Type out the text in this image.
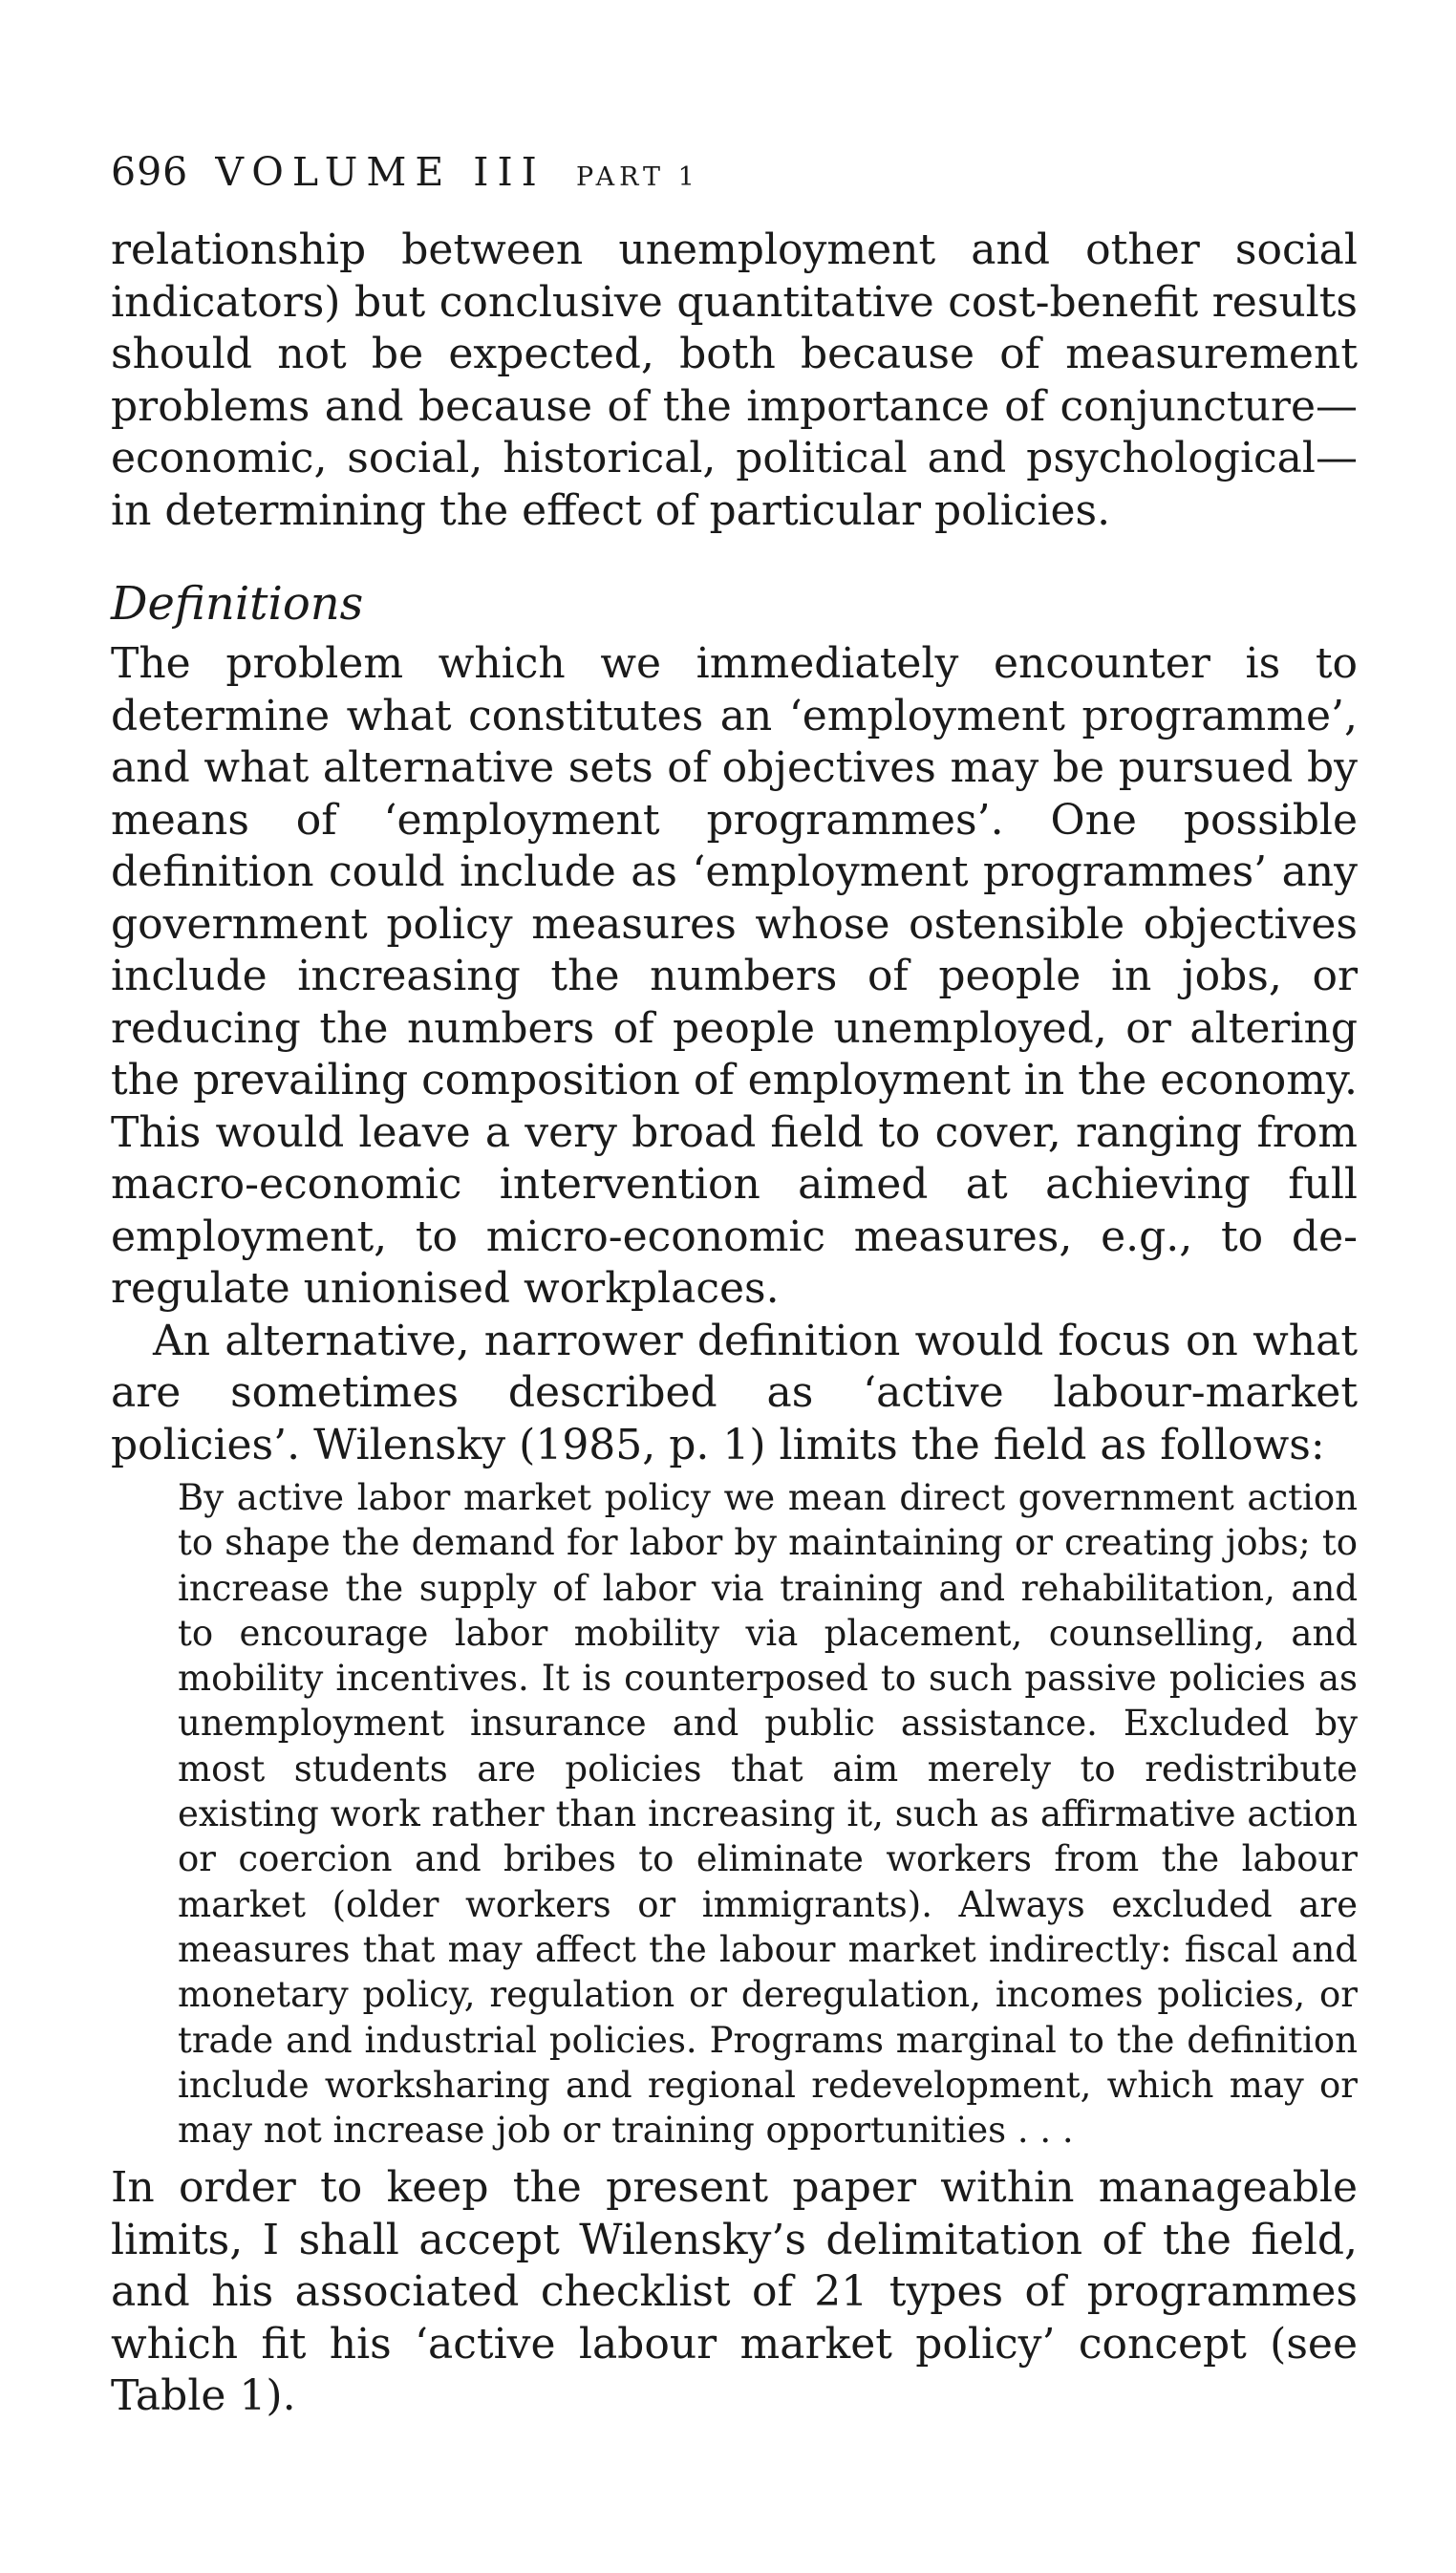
696 VOLUME III PART 1

relationship between unemployment and other social indicators) but conclusive quantitative cost-benefit results should not be expected, both because of measurement problems and because of the importance of conjuncture—economic, social, historical, political and psychological—in determining the effect of particular policies.

Definitions

The problem which we immediately encounter is to determine what constitutes an ‘employment programme’, and what alternative sets of objectives may be pursued by means of ‘employment programmes’. One possible definition could include as ‘employment programmes’ any government policy measures whose ostensible objectives include increasing the numbers of people in jobs, or reducing the numbers of people unemployed, or altering the prevailing composition of employment in the economy. This would leave a very broad field to cover, ranging from macro-economic intervention aimed at achieving full employment, to micro-economic measures, e.g., to de-regulate unionised workplaces.

An alternative, narrower definition would focus on what are sometimes described as ‘active labour-market policies’. Wilensky (1985, p. 1) limits the field as follows:

By active labor market policy we mean direct government action to shape the demand for labor by maintaining or creating jobs; to increase the supply of labor via training and rehabilitation, and to encourage labor mobility via placement, counselling, and mobility incentives. It is counterposed to such passive policies as unemployment insurance and public assistance. Excluded by most students are policies that aim merely to redistribute existing work rather than increasing it, such as affirmative action or coercion and bribes to eliminate workers from the labour market (older workers or immigrants). Always excluded are measures that may affect the labour market indirectly: fiscal and monetary policy, regulation or deregulation, incomes policies, or trade and industrial policies. Programs marginal to the definition include worksharing and regional redevelopment, which may or may not increase job or training opportunities . . .

In order to keep the present paper within manageable limits, I shall accept Wilensky’s delimitation of the field, and his associated checklist of 21 types of programmes which fit his ‘active labour market policy’ concept (see Table 1).
